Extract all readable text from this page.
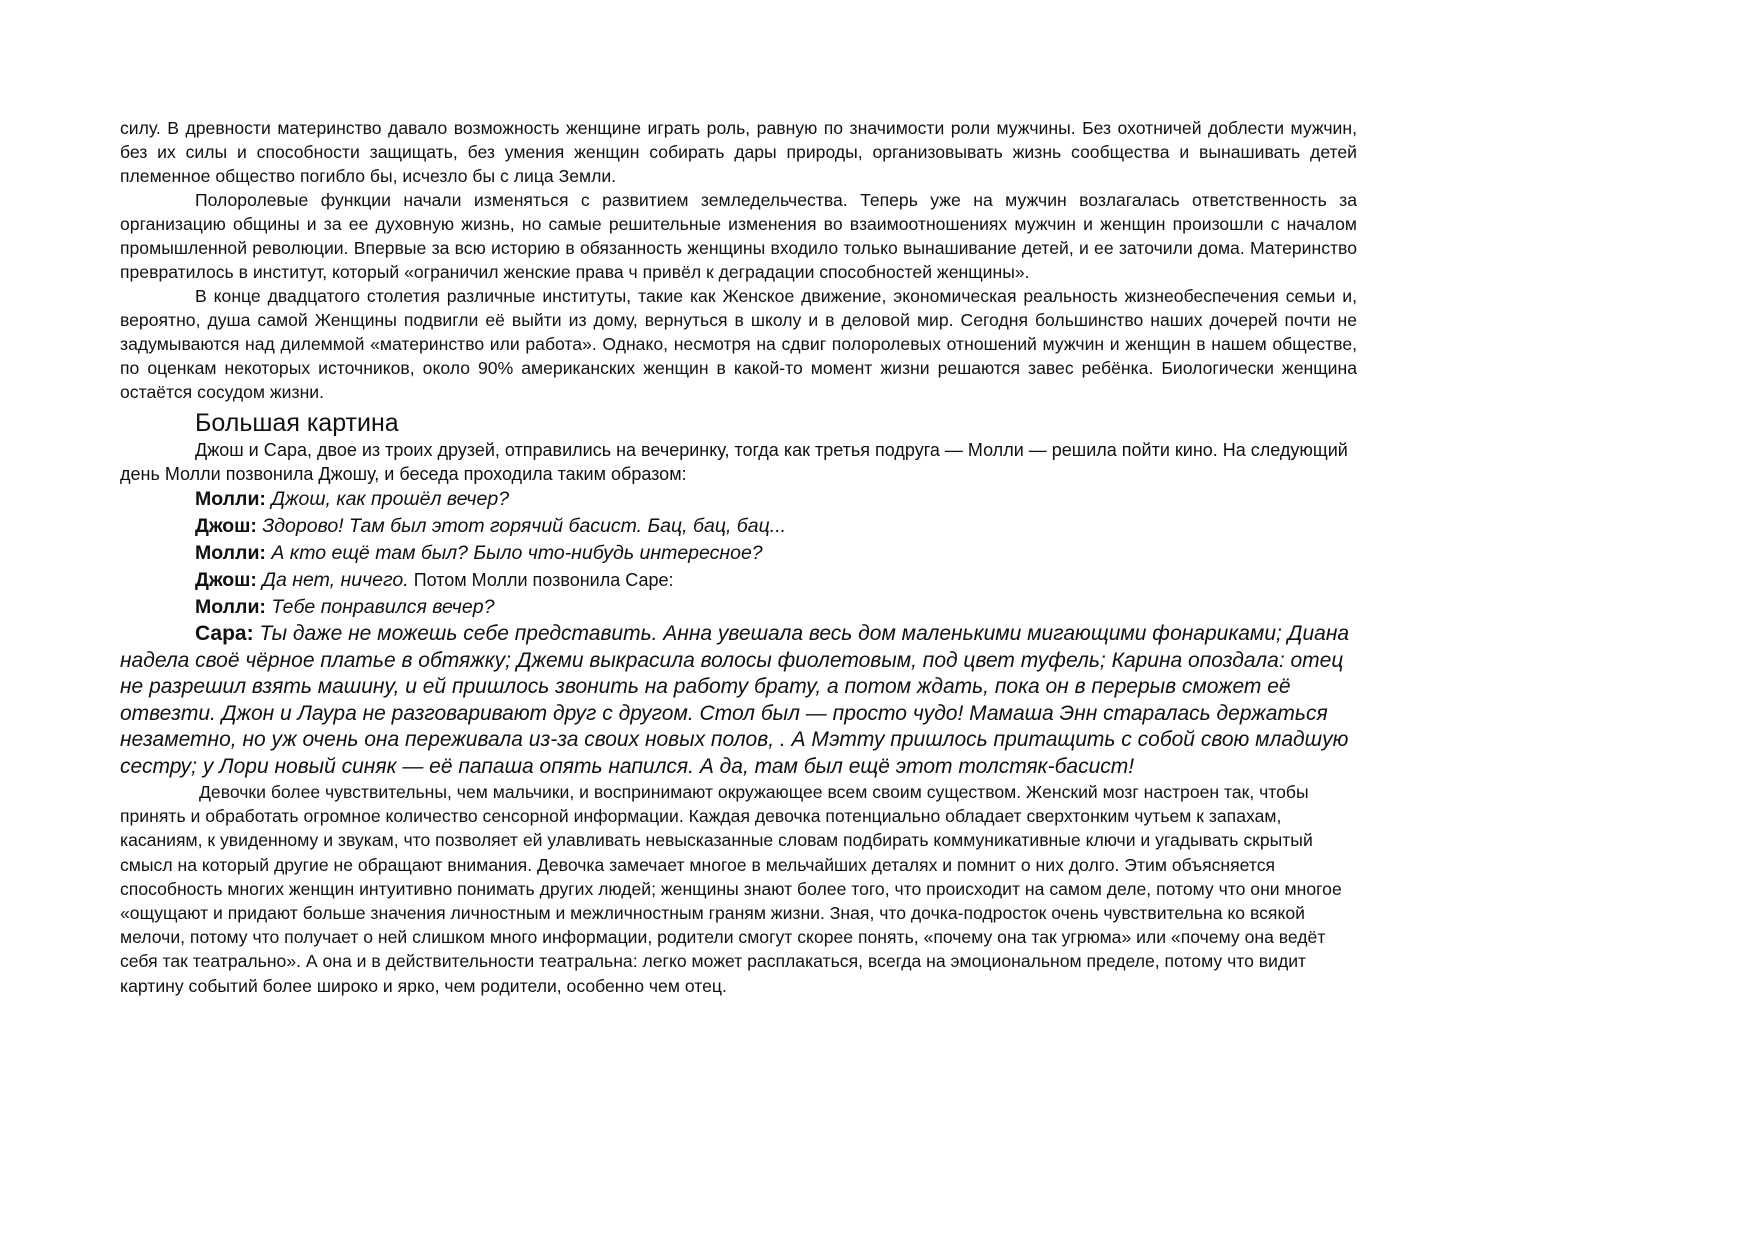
силу. В древности материнство давало возможность женщине играть роль, равную по значимости роли мужчины. Без охотничей доблести мужчин, без их силы и способности защищать, без умения женщин собирать дары природы, организовывать жизнь сообщества и вынашивать детей племенное общество погибло бы, исчезло бы с лица Земли.

Полоролевые функции начали изменяться с развитием земледельчества. Теперь уже на мужчин возлагалась ответственность за организацию общины и за ее духовную жизнь, но самые решительные изменения во взаимоотношениях мужчин и женщин произошли с началом промышленной революции. Впервые за всю историю в обязанность женщины входило только вынашивание детей, и ее заточили дома. Материнство превратилось в институт, который «ограничил женские права ч привёл к деградации способностей женщины».

В конце двадцатого столетия различные институты, такие как Женское движение, экономическая реальность жизнеобеспечения семьи и, вероятно, душа самой Женщины подвигли её выйти из дому, вернуться в школу и в деловой мир. Сегодня большинство наших дочерей почти не задумываются над дилеммой «материнство или работа». Однако, несмотря на сдвиг полоролевых отношений мужчин и женщин в нашем обществе, по оценкам некоторых источников, около 90% американских женщин в какой-то момент жизни решаются завес ребёнка. Биологически женщина остаётся сосудом жизни.

Большая картина

Джош и Сара, двое из троих друзей, отправились на вечеринку, тогда как третья подруга — Молли — решила пойти кино. На следующий день Молли позвонила Джошу, и беседа проходила таким образом:

Молли: Джош, как прошёл вечер?

Джош: Здорово! Там был этот горячий басист. Бац, бац, бац...

Молли: А кто ещё там был? Было что-нибудь интересное?

Джош: Да нет, ничего. Потом Молли позвонила Саре:

Молли: Тебе понравился вечер?

Сара: Ты даже не можешь себе представить. Анна увешала весь дом маленькими мигающими фонариками; Диана надела своё чёрное платье в обтяжку; Джеми выкрасила волосы фиолетовым, под цвет туфель; Карина опоздала: отец не разрешил взять машину, и ей пришлось звонить на работу брату, а потом ждать, пока он в перерыв сможет её отвезти. Джон и Лаура не разговаривают друг с другом. Стол был — просто чудо! Мамаша Энн старалась держаться незаметно, но уж очень она переживала из-за своих новых полов, . А Мэтту пришлось притащить с собой свою младшую сестру; у Лори новый синяк — её папаша опять напился. А да, там был ещё этот толстяк-басист!

Девочки более чувствительны, чем мальчики, и воспринимают окружающее всем своим существом. Женский мозг настроен так, чтобы принять и обработать огромное количество сенсорной информации. Каждая девочка потенциально обладает сверхтонким чутьем к запахам, касаниям, к увиденному и звукам, что позволяет ей улавливать невысказанные словам подбирать коммуникативные ключи и угадывать скрытый смысл на который другие не обращают внимания. Девочка замечает многое в мельчайших деталях и помнит о них долго. Этим объясняется способность многих женщин интуитивно понимать других людей; женщины знают более того, что происходит на самом деле, потому что они многое «ощущают и придают больше значения личностным и межличностным граням жизни. Зная, что дочка-подросток очень чувствительна ко всякой мелочи, потому что получает о ней слишком много информации, родители смогут скорее понять, «почему она так угрюма» или «почему она ведёт себя так театрально». А она и в действительности театральна: легко может расплакаться, всегда на эмоциональном пределе, потому что видит картину событий более широко и ярко, чем родители, особенно чем отец.
